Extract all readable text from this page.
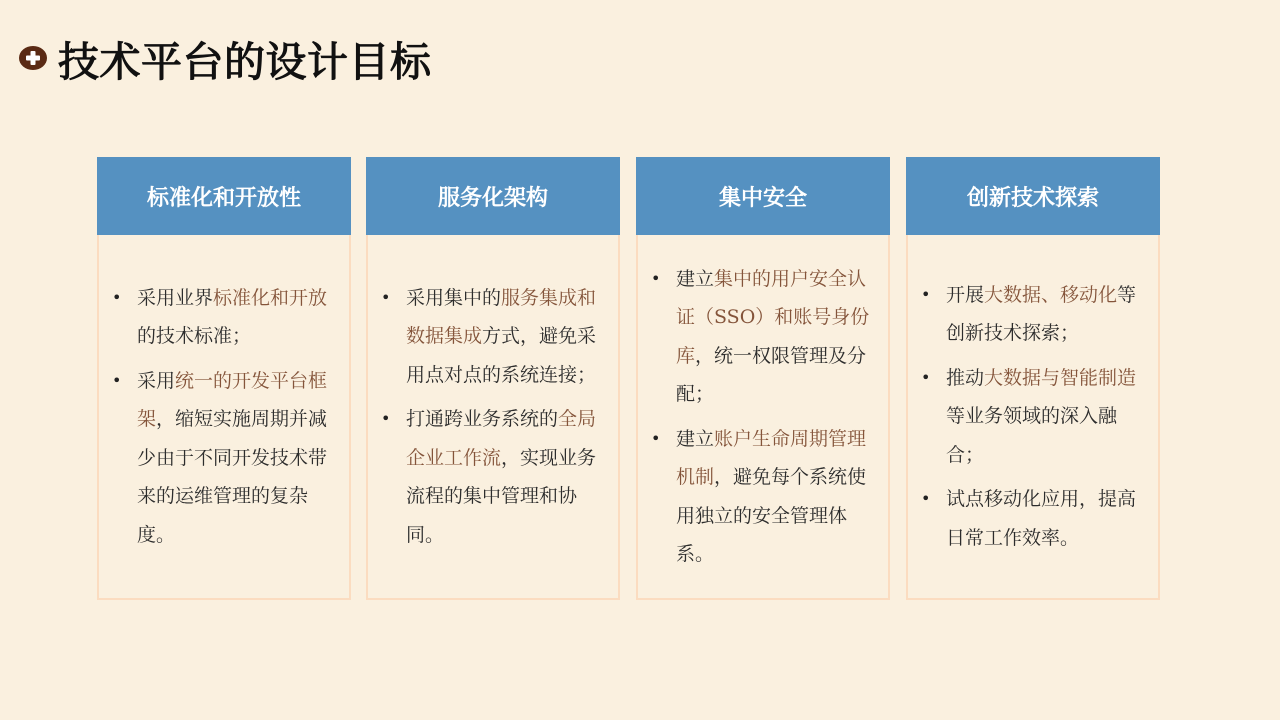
技术平台的设计目标
标准化和开放性
• 采用业界标准化和开放的技术标准；
• 采用统一的开发平台框架，缩短实施周期并减少由于不同开发技术带来的运维管理的复杂度。
服务化架构
• 采用集中的服务集成和数据集成方式，避免采用点对点的系统连接；
• 打通跨业务系统的全局企业工作流，实现业务流程的集中管理和协同。
集中安全
• 建立集中的用户安全认证（SSO）和账号身份库，统一权限管理及分配；
• 建立账户生命周期管理机制，避免每个系统使用独立的安全管理体系。
创新技术探索
• 开展大数据、移动化等创新技术探索；
• 推动大数据与智能制造等业务领域的深入融合；
• 试点移动化应用，提高日常工作效率。
